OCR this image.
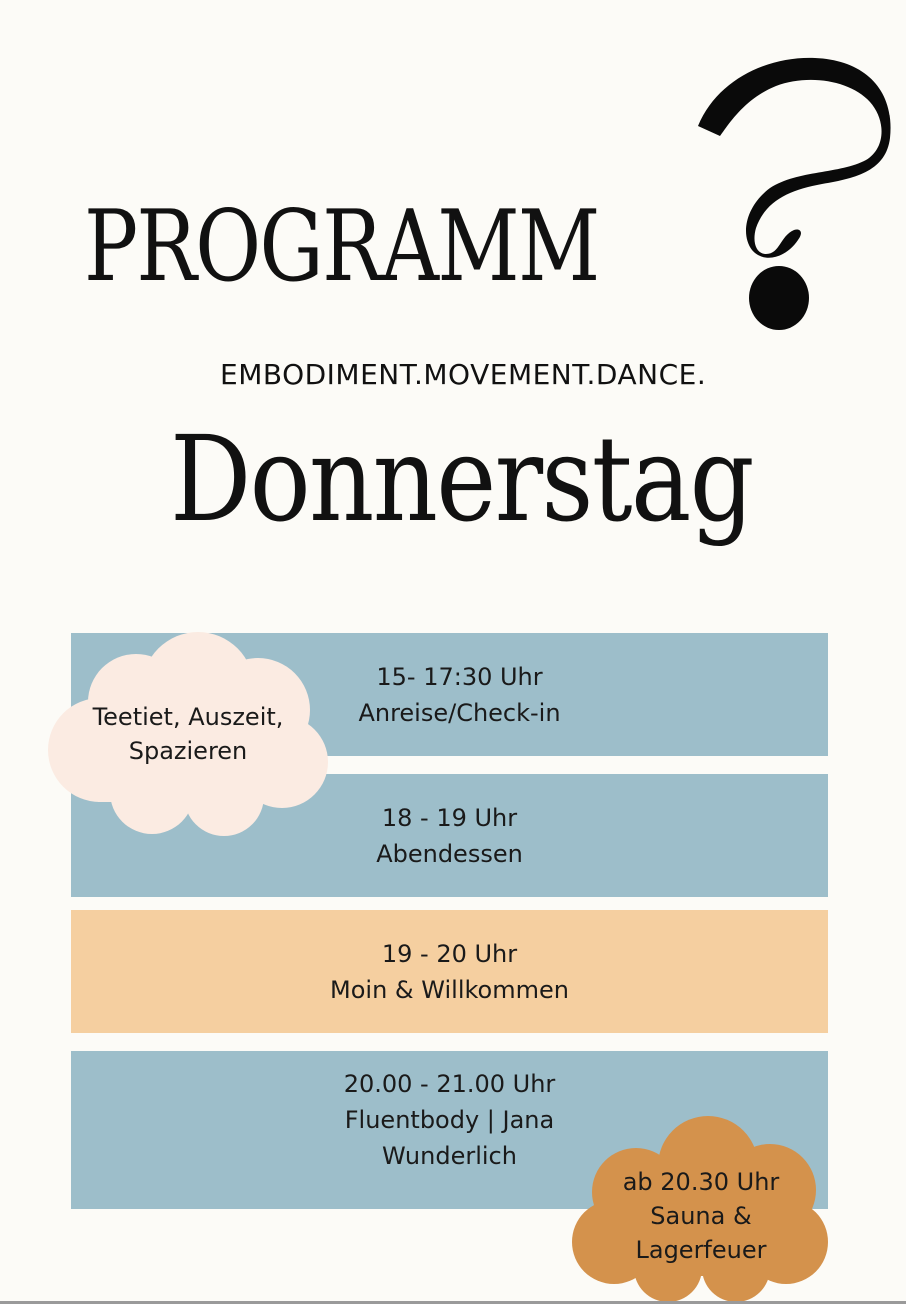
PROGRAMM
EMBODIMENT.MOVEMENT.DANCE.
Donnerstag
15- 17:30 Uhr
Anreise/Check-in
18 - 19 Uhr
Abendessen
19 - 20 Uhr
Moin & Willkommen
20.00 - 21.00 Uhr
Fluentbody | Jana
Wunderlich
Teetiet, Auszeit,
Spazieren
ab 20.30 Uhr
Sauna &
Lagerfeuer
